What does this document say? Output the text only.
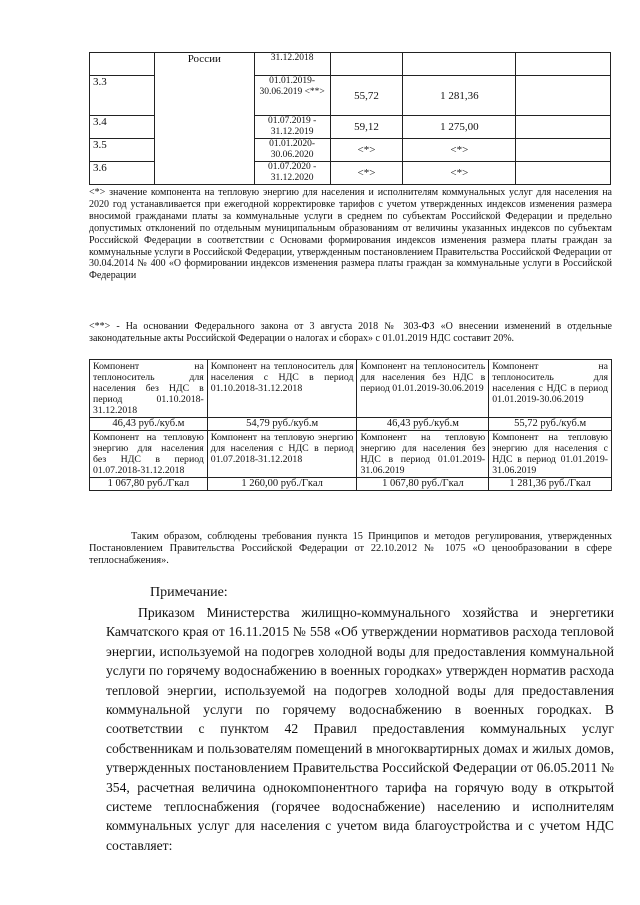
	России	31.12.2018			
3.3		01.01.2019-30.06.2019 <**>	55,72	1 281,36	
3.4		01.07.2019 - 31.12.2019	59,12	1 275,00	
3.5		01.01.2020-30.06.2020	<*>	<*>	
3.6		01.07.2020 - 31.12.2020	<*>	<*>	
<*> значение компонента на тепловую энергию для населения и исполнителям коммунальных услуг для населения на 2020 год устанавливается при ежегодной корректировке тарифов с учетом утвержденных индексов изменения размера вносимой гражданами платы за коммунальные услуги в среднем по субъектам Российской Федерации и предельно допустимых отклонений по отдельным муниципальным образованиям от величины указанных индексов по субъектам Российской Федерации в соответствии с Основами формирования индексов изменения размера платы граждан за коммунальные услуги в Российской Федерации, утвержденным постановлением Правительства Российской Федерации от 30.04.2014 № 400 «О формировании индексов изменения размера платы граждан за коммунальные услуги в Российской Федерации
<**> - На основании Федерального закона от 3 августа 2018 № 303-ФЗ «О внесении изменений в отдельные законодательные акты Российской Федерации о налогах и сборах» с 01.01.2019 НДС составит 20%.
Компонент на теплоноситель для населения без НДС в период 01.10.2018-31.12.2018	Компонент на теплоноситель для населения с НДС в период 01.10.2018-31.12.2018	Компонент на теплоноситель для населения без НДС в период 01.01.2019-30.06.2019	Компонент на теплоноситель для населения с НДС в период 01.01.2019-30.06.2019
46,43 руб./куб.м	54,79 руб./куб.м	46,43 руб./куб.м	55,72 руб./куб.м
Компонент на тепловую энергию для населения без НДС в период 01.07.2018-31.12.2018	Компонент на тепловую энергию для населения с НДС в период 01.07.2018-31.12.2018	Компонент на тепловую энергию для населения без НДС в период 01.01.2019-31.06.2019	Компонент на тепловую энергию для населения с НДС в период 01.01.2019-31.06.2019
1 067,80 руб./Гкал	1 260,00 руб./Гкал	1 067,80 руб./Гкал	1 281,36 руб./Гкал
Таким образом, соблюдены требования пункта 15 Принципов и методов регулирования, утвержденных Постановлением Правительства Российской Федерации от 22.10.2012 № 1075 «О ценообразовании в сфере теплоснабжения».
Примечание:
Приказом Министерства жилищно-коммунального хозяйства и энергетики Камчатского края от 16.11.2015 № 558 «Об утверждении нормативов расхода тепловой энергии, используемой на подогрев холодной воды для предоставления коммунальной услуги по горячему водоснабжению в военных городках» утвержден норматив расхода тепловой энергии, используемой на подогрев холодной воды для предоставления коммунальной услуги по горячему водоснабжению в военных городках. В соответствии с пунктом 42 Правил предоставления коммунальных услуг собственникам и пользователям помещений в многоквартирных домах и жилых домов, утвержденных постановлением Правительства Российской Федерации от 06.05.2011 № 354, расчетная величина однокомпонентного тарифа на горячую воду в открытой системе теплоснабжения (горячее водоснабжение) населению и исполнителям коммунальных услуг для населения с учетом вида благоустройства и с учетом НДС составляет:
